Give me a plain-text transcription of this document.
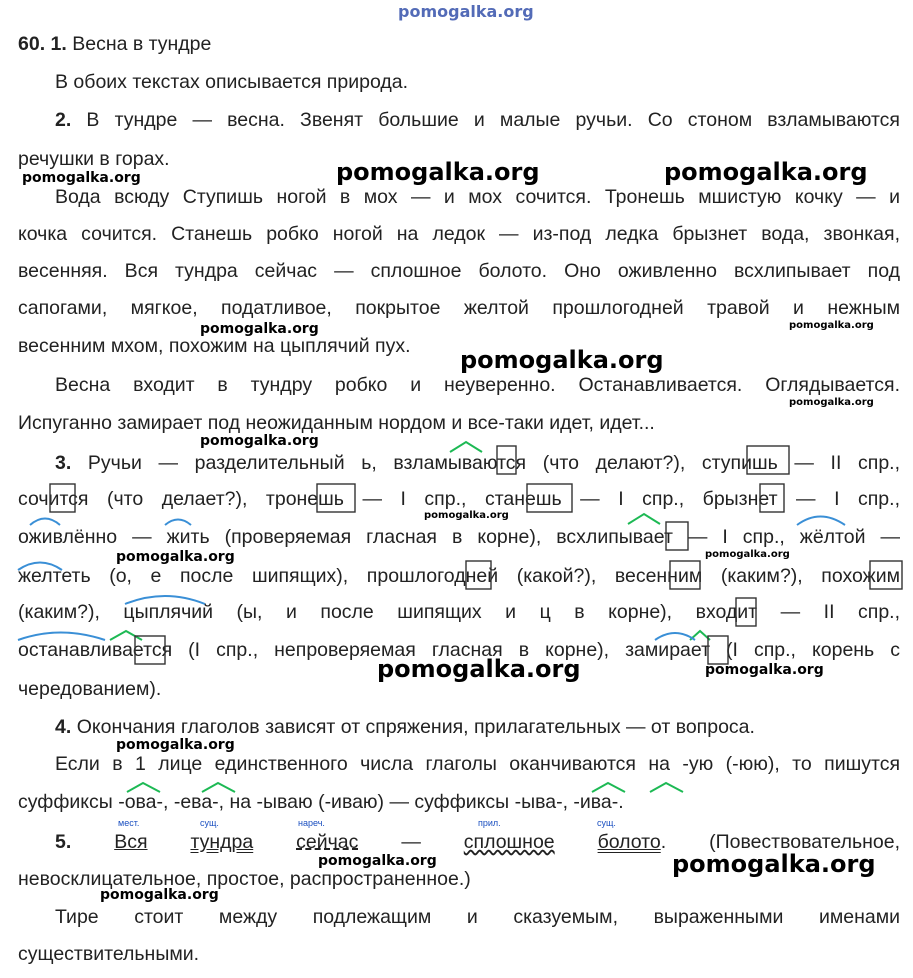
pomogalka.org
60. 1. Весна в тундре
В обоих текстах описывается природа.
2. В тундре — весна. Звенят большие и малые ручьи. Со стоном взламываются
речушки в горах.
Вода всюду Ступишь ногой в мох — и мох сочится. Тронешь мшистую кочку — и
кочка сочится. Станешь робко ногой на ледок — из-под ледка брызнет вода, звонкая,
весенняя. Вся тундра сейчас — сплошное болото. Оно оживленно всхлипывает под
сапогами, мягкое, податливое, покрытое желтой прошлогодней травой и нежным
весенним мхом, похожим на цыплячий пух.
Весна входит в тундру робко и неуверенно. Останавливается. Оглядывается.
Испуганно замирает под неожиданным нордом и все-таки идет, идет...
3. Ручьи — разделительный ь, взламываются (что делают?), ступишь — II спр.,
сочится (что делает?), тронешь — I спр., станешь — I спр., брызнет — I спр.,
оживлённо — жить (проверяемая гласная в корне), всхлипывает — I спр., жёлтой —
желтеть (о, е после шипящих), прошлогодней (какой?), весенним (каким?), похожим
(каким?), цыплячий (ы, и после шипящих и ц в корне), входит — II спр.,
останавливается (I спр., непроверяемая гласная в корне), замирает (I спр., корень с
чередованием).
4. Окончания глаголов зависят от спряжения, прилагательных — от вопроса.
Если в 1 лице единственного числа глаголы оканчиваются на -ую (-юю), то пишутся
суффиксы -ова-, -ева-, на -ываю (-иваю) — суффиксы -ыва-, -ива-.
5. Вся тундра сейчас — сплошное болото. (Повествовательное,
мест.	сущ.	нареч.	прил.	сущ.
невосклицательное, простое, распространенное.)
Тире стоит между подлежащим и сказуемым, выраженными именами
существительными.
pomogalka.org	pomogalka.org	pomogalka.org
pomogalka.org	pomogalka.org
pomogalka.org
pomogalka.org
pomogalka.org
pomogalka.org
pomogalka.org	pomogalka.org
pomogalka.org	pomogalka.org
pomogalka.org
pomogalka.org	pomogalka.org
pomogalka.org
